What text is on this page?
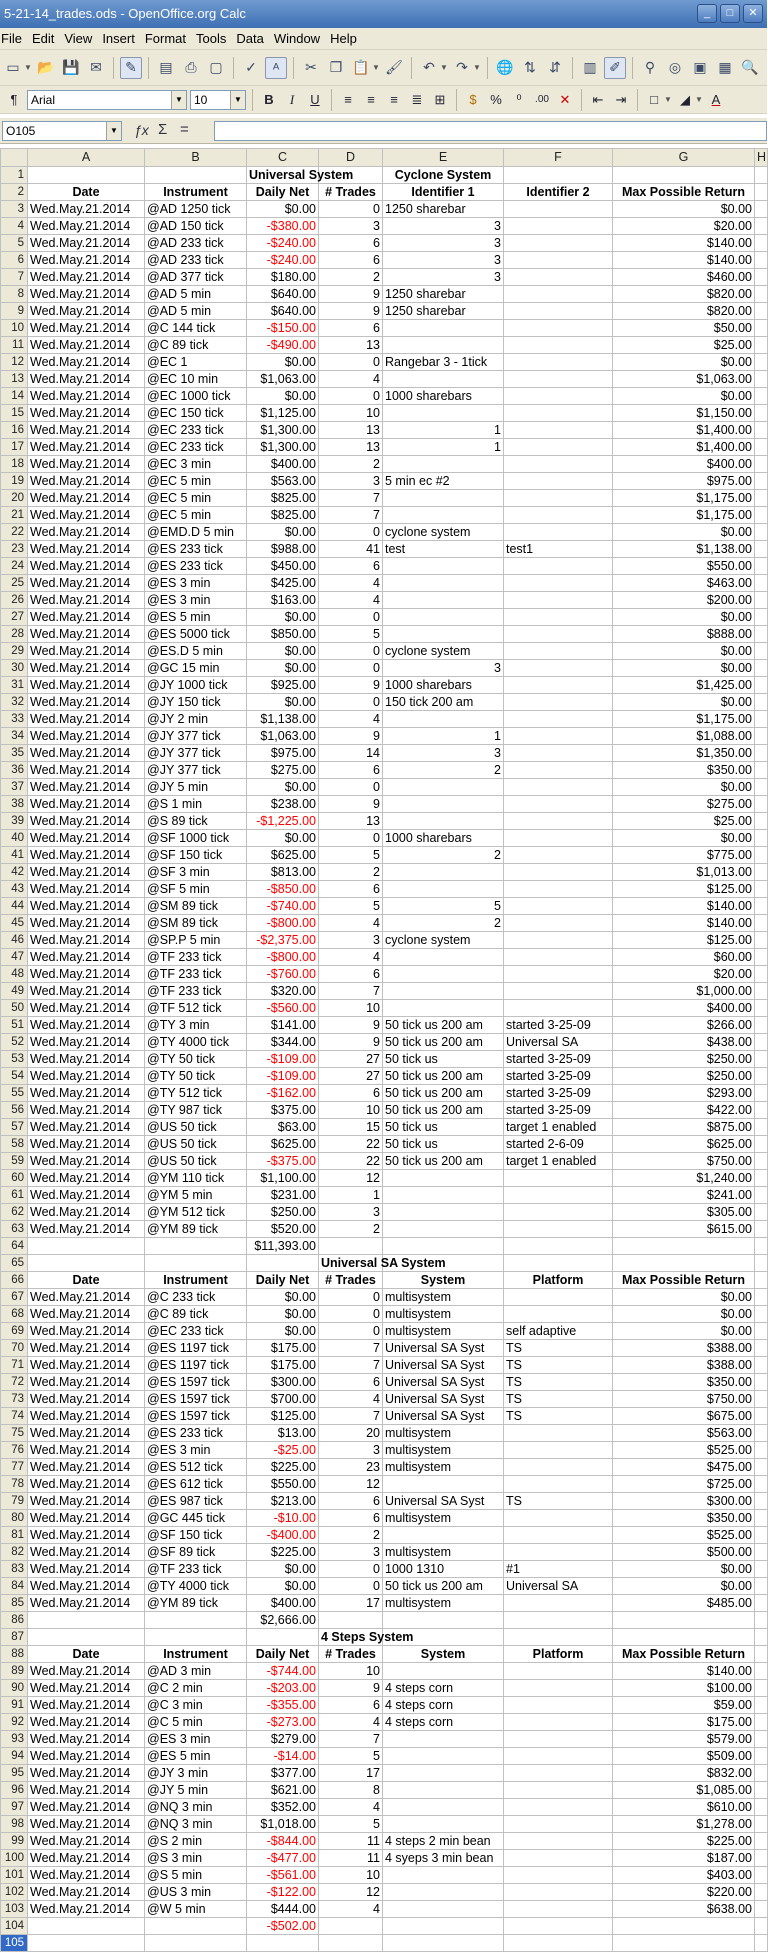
5-21-14_trades.ods - OpenOffice.org Calc	_	□	✕
File Edit View Insert Format Tools Data Window Help
▭ ▼ 📂 💾 ✉	✎	▤ ⎙ ▢	✓	ᴬ	✂ ❐ 📋 ▼ 🖌	↶ ▼ ↷ ▼ 🌐 ⇅ ⇵	▥ ✐	⚲ ◎ ▣ ▦ 🔍
¶	Arial	▼ 10	▼	B	I	U	≡	≡	≡	≣ ⊞	$	%	⁰	.00 ✕	⇤ ⇥	□ ▼ ◢ ▼ A
O105	▼ ƒx Σ =
	A	B	C	D	E	F	G	H
1			Universal System		Cyclone System			
2	Date	Instrument	Daily Net	# Trades	Identifier 1	Identifier 2	Max Possible Return	
3	Wed.May.21.2014	@AD 1250 tick	$0.00	0	1250 sharebar		$0.00	
4	Wed.May.21.2014	@AD 150 tick	-$380.00	3	3		$20.00	
5	Wed.May.21.2014	@AD 233 tick	-$240.00	6	3		$140.00	
6	Wed.May.21.2014	@AD 233 tick	-$240.00	6	3		$140.00	
7	Wed.May.21.2014	@AD 377 tick	$180.00	2	3		$460.00	
8	Wed.May.21.2014	@AD 5 min	$640.00	9	1250 sharebar		$820.00	
9	Wed.May.21.2014	@AD 5 min	$640.00	9	1250 sharebar		$820.00	
10	Wed.May.21.2014	@C 144 tick	-$150.00	6			$50.00	
11	Wed.May.21.2014	@C 89 tick	-$490.00	13			$25.00	
12	Wed.May.21.2014	@EC 1	$0.00	0	Rangebar 3 - 1tick		$0.00	
13	Wed.May.21.2014	@EC 10 min	$1,063.00	4			$1,063.00	
14	Wed.May.21.2014	@EC 1000 tick	$0.00	0	1000 sharebars		$0.00	
15	Wed.May.21.2014	@EC 150 tick	$1,125.00	10			$1,150.00	
16	Wed.May.21.2014	@EC 233 tick	$1,300.00	13	1		$1,400.00	
17	Wed.May.21.2014	@EC 233 tick	$1,300.00	13	1		$1,400.00	
18	Wed.May.21.2014	@EC 3 min	$400.00	2			$400.00	
19	Wed.May.21.2014	@EC 5 min	$563.00	3	5 min ec #2		$975.00	
20	Wed.May.21.2014	@EC 5 min	$825.00	7			$1,175.00	
21	Wed.May.21.2014	@EC 5 min	$825.00	7			$1,175.00	
22	Wed.May.21.2014	@EMD.D 5 min	$0.00	0	cyclone system		$0.00	
23	Wed.May.21.2014	@ES 233 tick	$988.00	41	test	test1	$1,138.00	
24	Wed.May.21.2014	@ES 233 tick	$450.00	6			$550.00	
25	Wed.May.21.2014	@ES 3 min	$425.00	4			$463.00	
26	Wed.May.21.2014	@ES 3 min	$163.00	4			$200.00	
27	Wed.May.21.2014	@ES 5 min	$0.00	0			$0.00	
28	Wed.May.21.2014	@ES 5000 tick	$850.00	5			$888.00	
29	Wed.May.21.2014	@ES.D 5 min	$0.00	0	cyclone system		$0.00	
30	Wed.May.21.2014	@GC 15 min	$0.00	0	3		$0.00	
31	Wed.May.21.2014	@JY 1000 tick	$925.00	9	1000 sharebars		$1,425.00	
32	Wed.May.21.2014	@JY 150 tick	$0.00	0	150 tick 200 am		$0.00	
33	Wed.May.21.2014	@JY 2 min	$1,138.00	4			$1,175.00	
34	Wed.May.21.2014	@JY 377 tick	$1,063.00	9	1		$1,088.00	
35	Wed.May.21.2014	@JY 377 tick	$975.00	14	3		$1,350.00	
36	Wed.May.21.2014	@JY 377 tick	$275.00	6	2		$350.00	
37	Wed.May.21.2014	@JY 5 min	$0.00	0			$0.00	
38	Wed.May.21.2014	@S 1 min	$238.00	9			$275.00	
39	Wed.May.21.2014	@S 89 tick	-$1,225.00	13			$25.00	
40	Wed.May.21.2014	@SF 1000 tick	$0.00	0	1000 sharebars		$0.00	
41	Wed.May.21.2014	@SF 150 tick	$625.00	5	2		$775.00	
42	Wed.May.21.2014	@SF 3 min	$813.00	2			$1,013.00	
43	Wed.May.21.2014	@SF 5 min	-$850.00	6			$125.00	
44	Wed.May.21.2014	@SM 89 tick	-$740.00	5	5		$140.00	
45	Wed.May.21.2014	@SM 89 tick	-$800.00	4	2		$140.00	
46	Wed.May.21.2014	@SP.P 5 min	-$2,375.00	3	cyclone system		$125.00	
47	Wed.May.21.2014	@TF 233 tick	-$800.00	4			$60.00	
48	Wed.May.21.2014	@TF 233 tick	-$760.00	6			$20.00	
49	Wed.May.21.2014	@TF 233 tick	$320.00	7			$1,000.00	
50	Wed.May.21.2014	@TF 512 tick	-$560.00	10			$400.00	
51	Wed.May.21.2014	@TY 3 min	$141.00	9	50 tick us 200 am	started 3-25-09	$266.00	
52	Wed.May.21.2014	@TY 4000 tick	$344.00	9	50 tick us 200 am	Universal SA	$438.00	
53	Wed.May.21.2014	@TY 50 tick	-$109.00	27	50 tick us	started 3-25-09	$250.00	
54	Wed.May.21.2014	@TY 50 tick	-$109.00	27	50 tick us 200 am	started 3-25-09	$250.00	
55	Wed.May.21.2014	@TY 512 tick	-$162.00	6	50 tick us 200 am	started 3-25-09	$293.00	
56	Wed.May.21.2014	@TY 987 tick	$375.00	10	50 tick us 200 am	started 3-25-09	$422.00	
57	Wed.May.21.2014	@US 50 tick	$63.00	15	50 tick us	target 1 enabled	$875.00	
58	Wed.May.21.2014	@US 50 tick	$625.00	22	50 tick us	started 2-6-09	$625.00	
59	Wed.May.21.2014	@US 50 tick	-$375.00	22	50 tick us 200 am	target 1 enabled	$750.00	
60	Wed.May.21.2014	@YM 110 tick	$1,100.00	12			$1,240.00	
61	Wed.May.21.2014	@YM 5 min	$231.00	1			$241.00	
62	Wed.May.21.2014	@YM 512 tick	$250.00	3			$305.00	
63	Wed.May.21.2014	@YM 89 tick	$520.00	2			$615.00	
64			$11,393.00					
65				Universal SA System				
66	Date	Instrument	Daily Net	# Trades	System	Platform	Max Possible Return	
67	Wed.May.21.2014	@C 233 tick	$0.00	0	multisystem		$0.00	
68	Wed.May.21.2014	@C 89 tick	$0.00	0	multisystem		$0.00	
69	Wed.May.21.2014	@EC 233 tick	$0.00	0	multisystem	self adaptive	$0.00	
70	Wed.May.21.2014	@ES 1197 tick	$175.00	7	Universal SA Syst	TS	$388.00	
71	Wed.May.21.2014	@ES 1197 tick	$175.00	7	Universal SA Syst	TS	$388.00	
72	Wed.May.21.2014	@ES 1597 tick	$300.00	6	Universal SA Syst	TS	$350.00	
73	Wed.May.21.2014	@ES 1597 tick	$700.00	4	Universal SA Syst	TS	$750.00	
74	Wed.May.21.2014	@ES 1597 tick	$125.00	7	Universal SA Syst	TS	$675.00	
75	Wed.May.21.2014	@ES 233 tick	$13.00	20	multisystem		$563.00	
76	Wed.May.21.2014	@ES 3 min	-$25.00	3	multisystem		$525.00	
77	Wed.May.21.2014	@ES 512 tick	$225.00	23	multisystem		$475.00	
78	Wed.May.21.2014	@ES 612 tick	$550.00	12			$725.00	
79	Wed.May.21.2014	@ES 987 tick	$213.00	6	Universal SA Syst	TS	$300.00	
80	Wed.May.21.2014	@GC 445 tick	-$10.00	6	multisystem		$350.00	
81	Wed.May.21.2014	@SF 150 tick	-$400.00	2			$525.00	
82	Wed.May.21.2014	@SF 89 tick	$225.00	3	multisystem		$500.00	
83	Wed.May.21.2014	@TF 233 tick	$0.00	0	1000 1310	#1	$0.00	
84	Wed.May.21.2014	@TY 4000 tick	$0.00	0	50 tick us 200 am	Universal SA	$0.00	
85	Wed.May.21.2014	@YM 89 tick	$400.00	17	multisystem		$485.00	
86			$2,666.00					
87				4 Steps System				
88	Date	Instrument	Daily Net	# Trades	System	Platform	Max Possible Return	
89	Wed.May.21.2014	@AD 3 min	-$744.00	10			$140.00	
90	Wed.May.21.2014	@C 2 min	-$203.00	9	4 steps corn		$100.00	
91	Wed.May.21.2014	@C 3 min	-$355.00	6	4 steps corn		$59.00	
92	Wed.May.21.2014	@C 5 min	-$273.00	4	4 steps corn		$175.00	
93	Wed.May.21.2014	@ES 3 min	$279.00	7			$579.00	
94	Wed.May.21.2014	@ES 5 min	-$14.00	5			$509.00	
95	Wed.May.21.2014	@JY 3 min	$377.00	17			$832.00	
96	Wed.May.21.2014	@JY 5 min	$621.00	8			$1,085.00	
97	Wed.May.21.2014	@NQ 3 min	$352.00	4			$610.00	
98	Wed.May.21.2014	@NQ 3 min	$1,018.00	5			$1,278.00	
99	Wed.May.21.2014	@S 2 min	-$844.00	11	4 steps 2 min bean		$225.00	
100	Wed.May.21.2014	@S 3 min	-$477.00	11	4 syeps 3 min bean		$187.00	
101	Wed.May.21.2014	@S 5 min	-$561.00	10			$403.00	
102	Wed.May.21.2014	@US 3 min	-$122.00	12			$220.00	
103	Wed.May.21.2014	@W 5 min	$444.00	4			$638.00	
104			-$502.00					
105								
